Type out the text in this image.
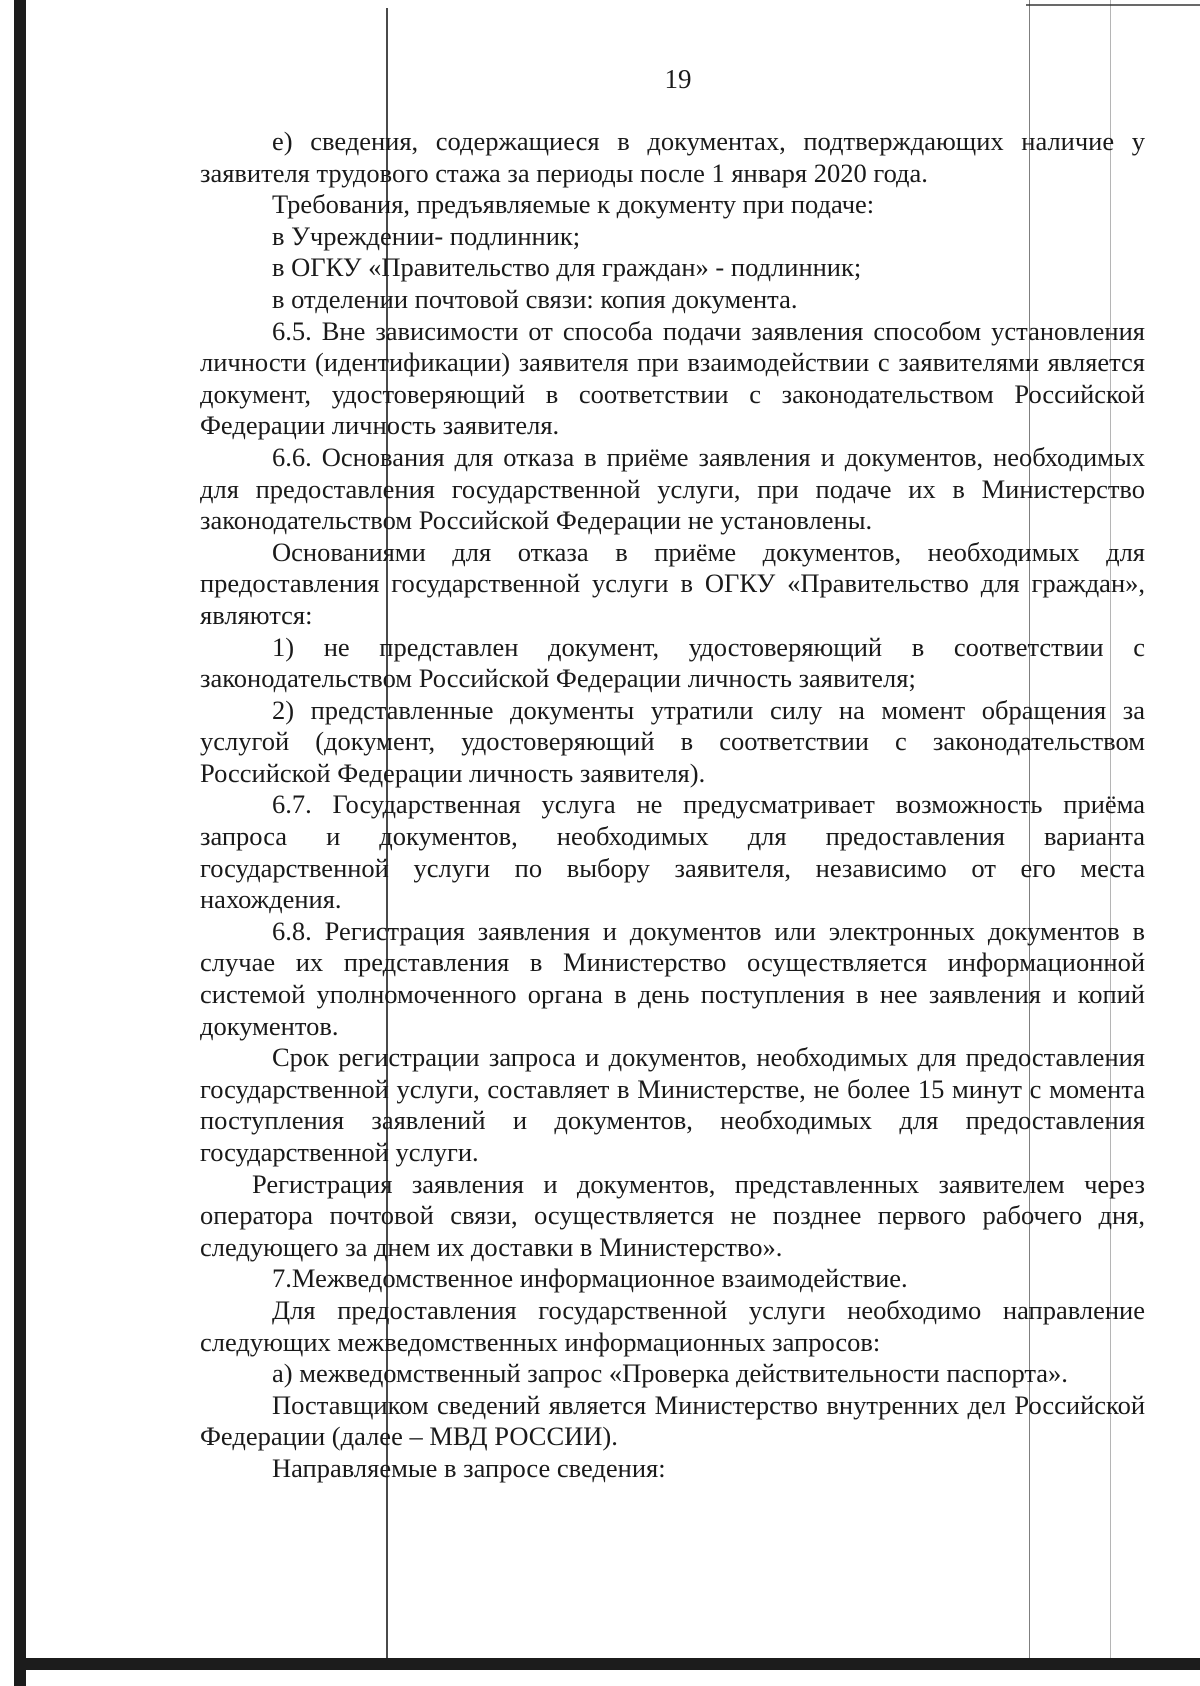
19

е) сведения, содержащиеся в документах, подтверждающих наличие у заявителя трудового стажа за периоды после 1 января 2020 года.

Требования, предъявляемые к документу при подаче:

в Учреждении- подлинник;

в ОГКУ «Правительство для граждан» - подлинник;

в отделении почтовой связи: копия документа.

6.5. Вне зависимости от способа подачи заявления способом установления личности (идентификации) заявителя при взаимодействии с заявителями является документ, удостоверяющий в соответствии с законодательством Российской Федерации личность заявителя.

6.6. Основания для отказа в приёме заявления и документов, необходимых для предоставления государственной услуги, при подаче их в Министерство законодательством Российской Федерации не установлены.

Основаниями для отказа в приёме документов, необходимых для предоставления государственной услуги в ОГКУ «Правительство для граждан», являются:

1) не представлен документ, удостоверяющий в соответствии с законодательством Российской Федерации личность заявителя;

2) представленные документы утратили силу на момент обращения за услугой (документ, удостоверяющий в соответствии с законодательством Российской Федерации личность заявителя).

6.7. Государственная услуга не предусматривает возможность приёма запроса и документов, необходимых для предоставления варианта государственной услуги по выбору заявителя, независимо от его места нахождения.

6.8. Регистрация заявления и документов или электронных документов в случае их представления в Министерство осуществляется информационной системой уполномоченного органа в день поступления в нее заявления и копий документов.

Срок регистрации запроса и документов, необходимых для предоставления государственной услуги, составляет в Министерстве, не более 15 минут с момента поступления заявлений и документов, необходимых для предоставления государственной услуги.

Регистрация заявления и документов, представленных заявителем через оператора почтовой связи, осуществляется не позднее первого рабочего дня, следующего за днем их доставки в Министерство».

7.Межведомственное информационное взаимодействие.

Для предоставления государственной услуги необходимо направление следующих межведомственных информационных запросов:

а) межведомственный запрос «Проверка действительности паспорта».

Поставщиком сведений является Министерство внутренних дел Российской Федерации (далее – МВД РОССИИ).

Направляемые в запросе сведения:
